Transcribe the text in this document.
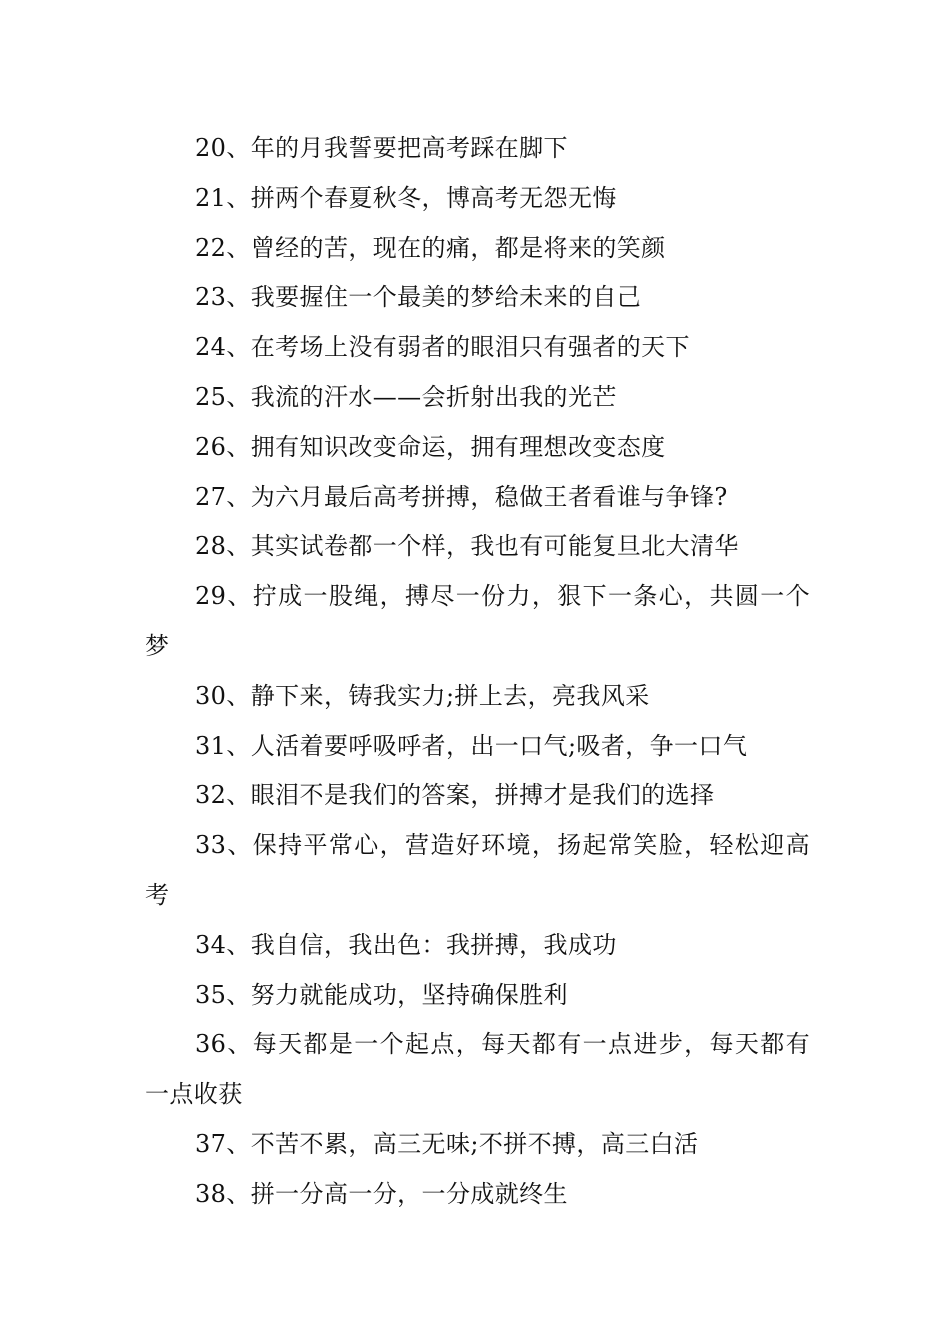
20、年的月我誓要把高考踩在脚下

21、拼两个春夏秋冬，博高考无怨无悔

22、曾经的苦，现在的痛，都是将来的笑颜

23、我要握住一个最美的梦给未来的自己

24、在考场上没有弱者的眼泪只有强者的天下

25、我流的汗水——会折射出我的光芒

26、拥有知识改变命运，拥有理想改变态度

27、为六月最后高考拼搏，稳做王者看谁与争锋?

28、其实试卷都一个样，我也有可能复旦北大清华

29、拧成一股绳，搏尽一份力，狠下一条心，共圆一个梦

30、静下来，铸我实力;拼上去，亮我风采

31、人活着要呼吸呼者，出一口气;吸者，争一口气

32、眼泪不是我们的答案，拼搏才是我们的选择

33、保持平常心，营造好环境，扬起常笑脸，轻松迎高考

34、我自信，我出色：我拼搏，我成功

35、努力就能成功，坚持确保胜利

36、每天都是一个起点，每天都有一点进步，每天都有一点收获

37、不苦不累，高三无味;不拼不搏，高三白活

38、拼一分高一分，一分成就终生
